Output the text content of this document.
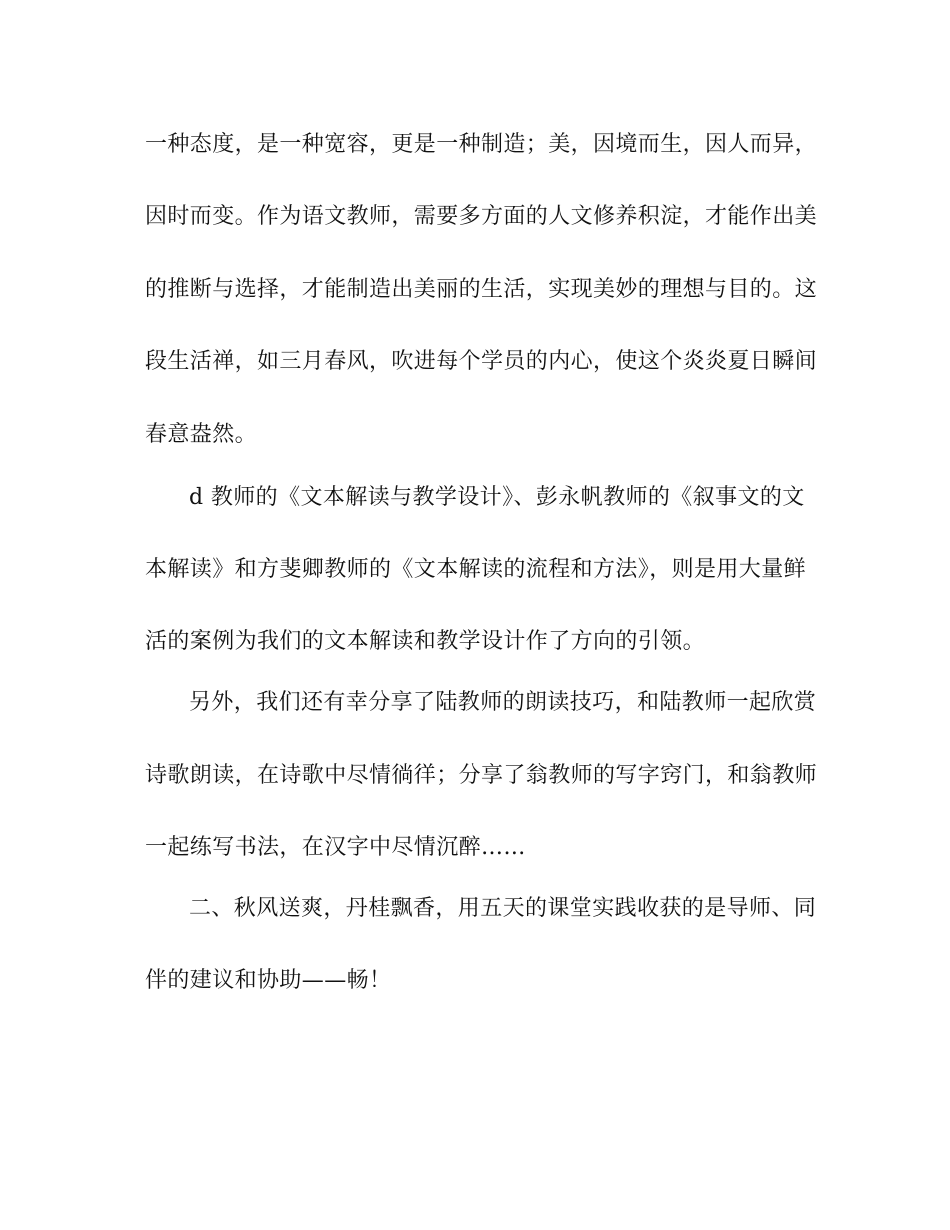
一种态度，是一种宽容，更是一种制造；美，因境而生，因人而异，
因时而变。作为语文教师，需要多方面的人文修养积淀，才能作出美
的推断与选择，才能制造出美丽的生活，实现美妙的理想与目的。这
段生活禅，如三月春风，吹进每个学员的内心，使这个炎炎夏日瞬间
春意盎然。
d 教师的《文本解读与教学设计》、彭永帆教师的《叙事文的文
本解读》和方斐卿教师的《文本解读的流程和方法》，则是用大量鲜
活的案例为我们的文本解读和教学设计作了方向的引领。
另外，我们还有幸分享了陆教师的朗读技巧，和陆教师一起欣赏
诗歌朗读，在诗歌中尽情徜徉；分享了翁教师的写字窍门，和翁教师
一起练写书法，在汉字中尽情沉醉……
二、秋风送爽，丹桂飘香，用五天的课堂实践收获的是导师、同
伴的建议和协助——畅！
